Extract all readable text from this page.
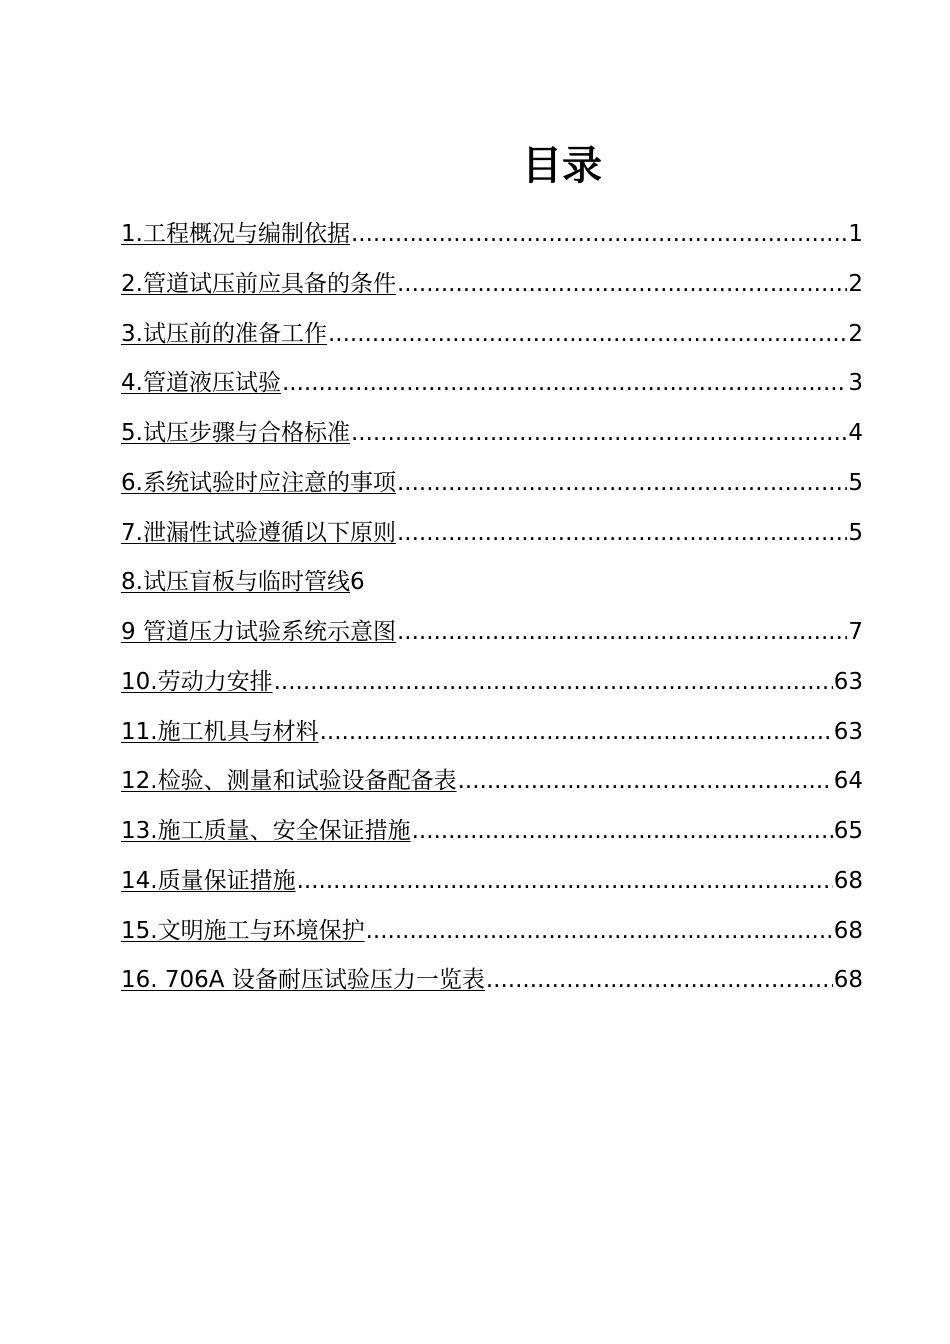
目录
1.工程概况与编制依据 .....	1
2.管道试压前应具备的条件 .....	2
3.试压前的准备工作 .....	2
4.管道液压试验 .....	3
5.试压步骤与合格标准 .....	4
6.系统试验时应注意的事项 .....	5
7.泄漏性试验遵循以下原则 .....	5
8.试压盲板与临时管线 6
9 管道压力试验系统示意图 .....	7
10.劳动力安排 .....	63
11.施工机具与材料 .....	63
12.检验、测量和试验设备配备表 .....	64
13.施工质量、安全保证措施 .....	65
14.质量保证措施 .....	68
15.文明施工与环境保护 .....	68
16. 706A 设备耐压试验压力一览表 .....	68
